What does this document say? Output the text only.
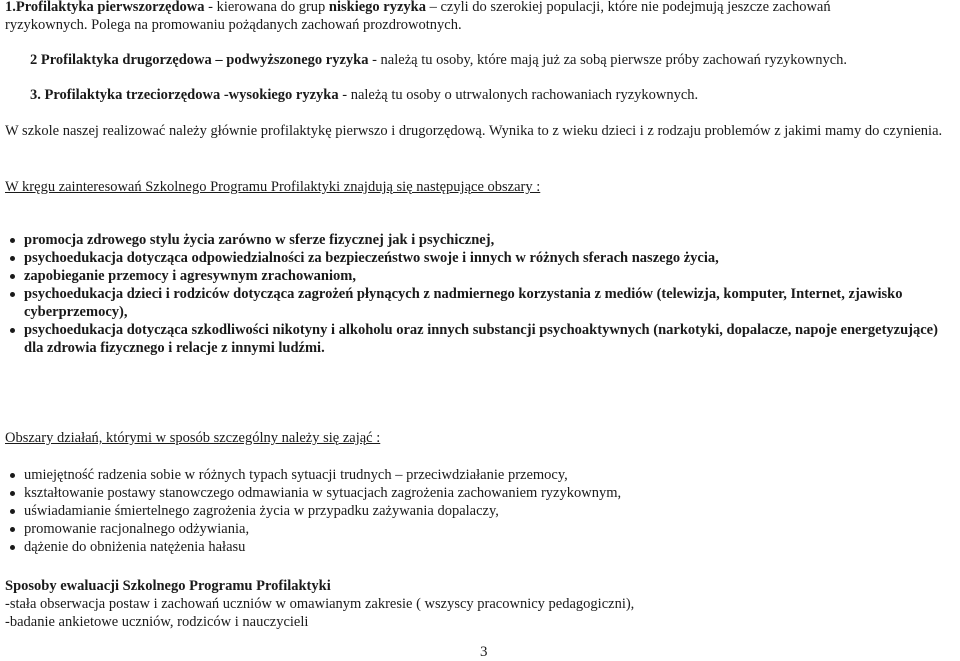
1.Profilaktyka pierwszorzędowa - kierowana do grup niskiego ryzyka – czyli do szerokiej populacji, które nie podejmują jeszcze zachowań

ryzykownych. Polega na promowaniu pożądanych zachowań prozdrowotnych.

2 Profilaktyka drugorzędowa – podwyższonego ryzyka - należą tu osoby, które mają już za sobą pierwsze próby zachowań ryzykownych.

3. Profilaktyka trzeciorzędowa -wysokiego ryzyka - należą tu osoby o utrwalonych rachowaniach ryzykownych.

W szkole naszej realizować należy głównie profilaktykę pierwszo i drugorzędową. Wynika to z wieku dzieci i z rodzaju problemów z jakimi mamy do czynienia.

W kręgu zainteresowań Szkolnego Programu Profilaktyki znajdują się następujące obszary :

promocja zdrowego stylu życia zarówno w sferze fizycznej jak i psychicznej,
psychoedukacja dotycząca odpowiedzialności za bezpieczeństwo swoje i innych w różnych sferach naszego życia,
zapobieganie przemocy i agresywnym zrachowaniom,
psychoedukacja dzieci i rodziców dotycząca zagrożeń płynących z nadmiernego korzystania z mediów (telewizja, komputer, Internet, zjawisko cyberprzemocy),
psychoedukacja dotycząca szkodliwości nikotyny i alkoholu oraz innych substancji psychoaktywnych (narkotyki, dopalacze, napoje energetyzujące) dla zdrowia fizycznego i relacje z innymi ludźmi.

Obszary działań, którymi w sposób szczególny należy się zająć :

umiejętność radzenia sobie w różnych typach sytuacji trudnych – przeciwdziałanie przemocy,
kształtowanie postawy stanowczego odmawiania w sytuacjach zagrożenia zachowaniem ryzykownym,
uświadamianie śmiertelnego zagrożenia życia w przypadku zażywania dopalaczy,
promowanie racjonalnego odżywiania,
dążenie do obniżenia natężenia hałasu

Sposoby ewaluacji Szkolnego Programu Profilaktyki

-stała obserwacja postaw i zachowań uczniów w omawianym zakresie ( wszyscy pracownicy pedagogiczni),

-badanie ankietowe uczniów, rodziców i nauczycieli

3
